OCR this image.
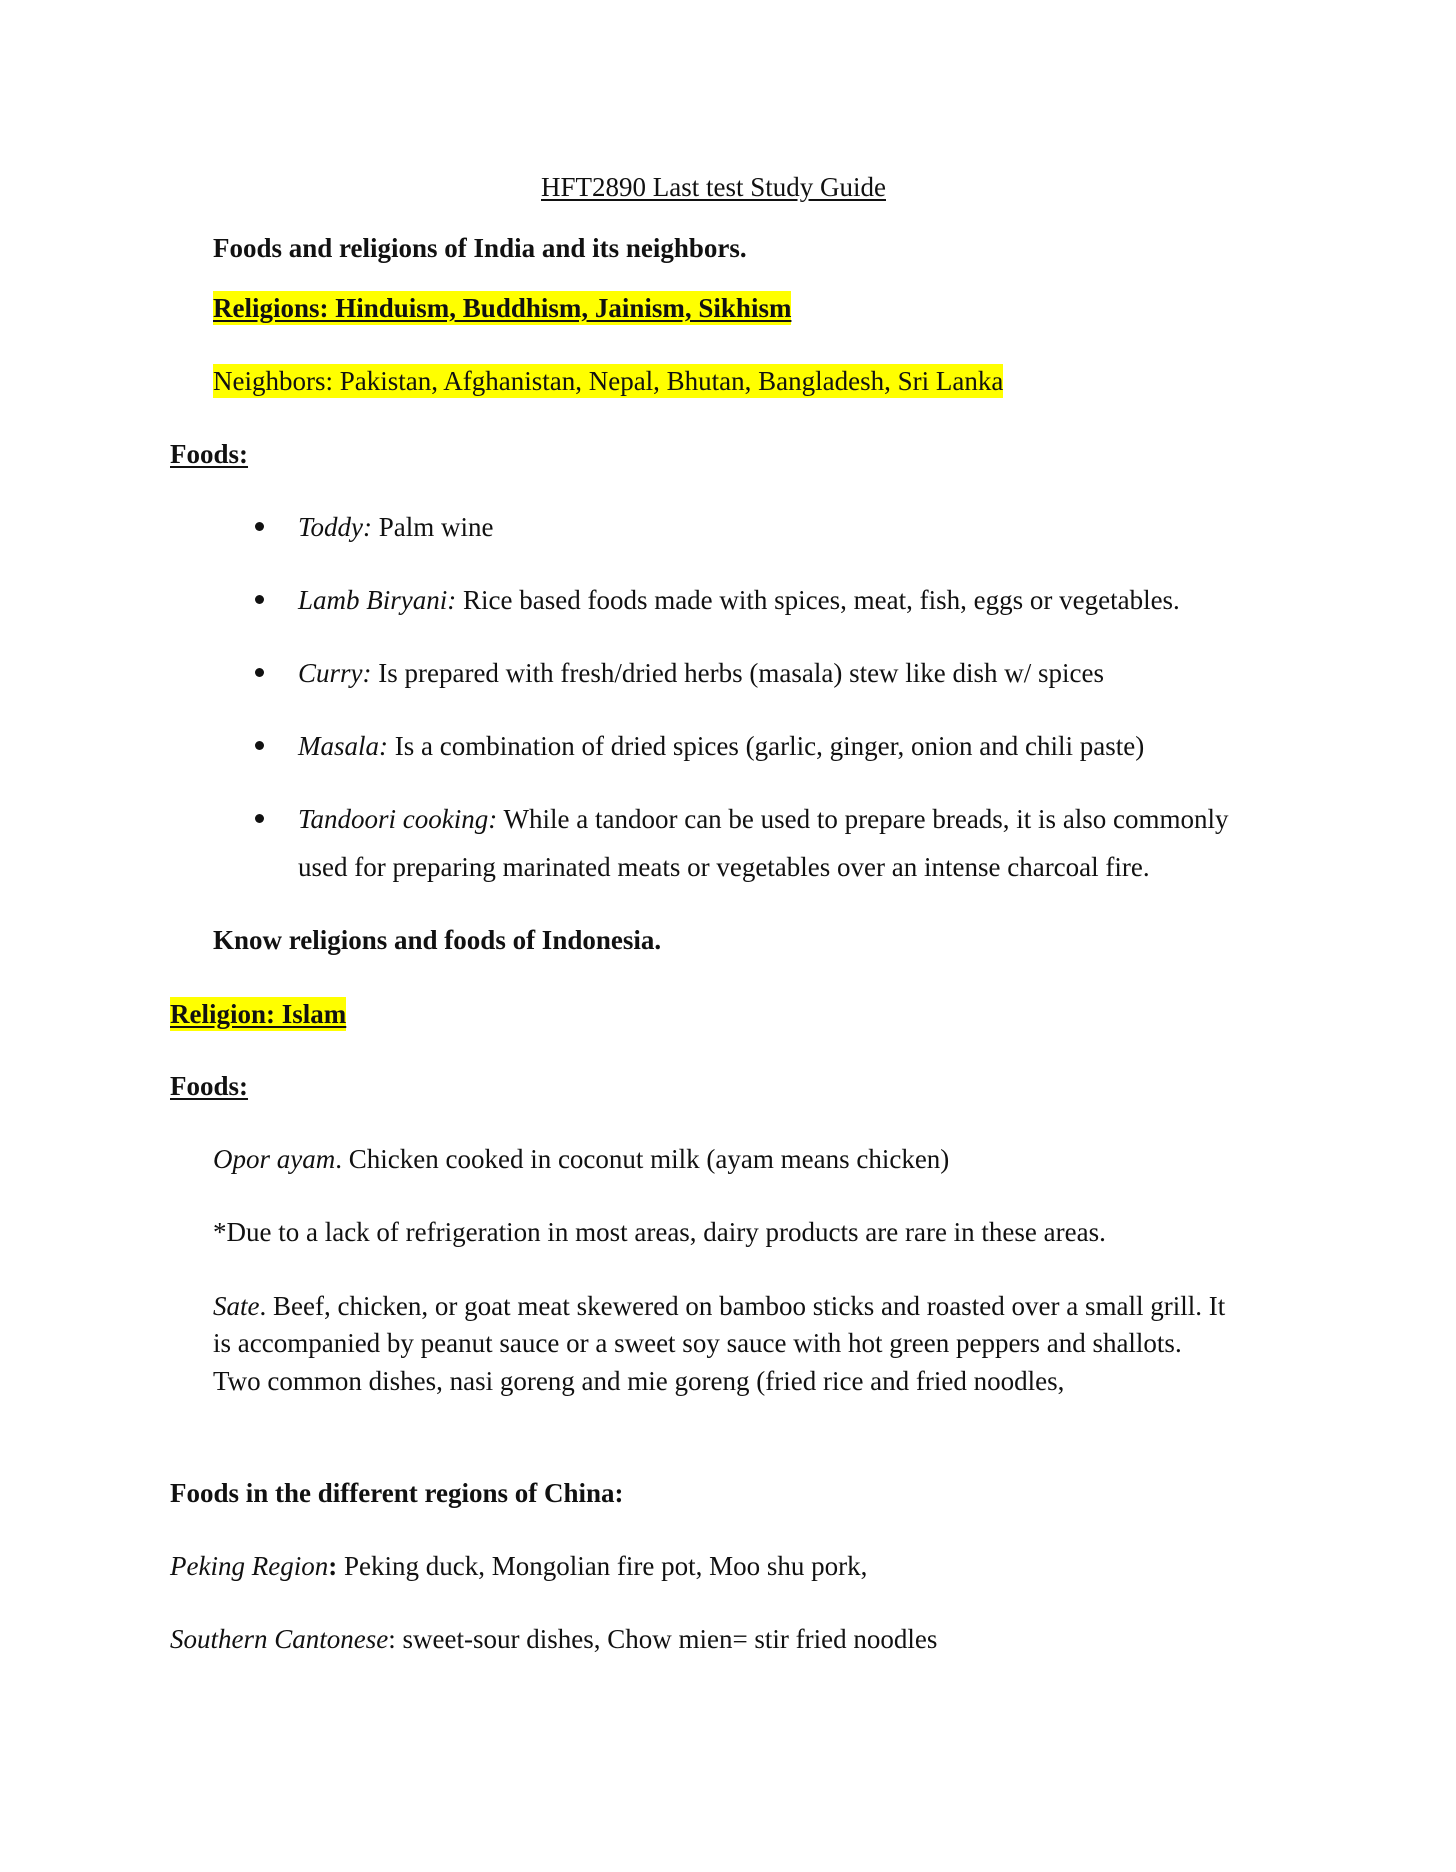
HFT2890 Last test Study Guide

Foods and religions of India and its neighbors.

Religions: Hinduism, Buddhism, Jainism, Sikhism

Neighbors: Pakistan, Afghanistan, Nepal, Bhutan, Bangladesh, Sri Lanka

Foods:

Toddy: Palm wine

Lamb Biryani: Rice based foods made with spices, meat, fish, eggs or vegetables.

Curry: Is prepared with fresh/dried herbs (masala) stew like dish w/ spices

Masala: Is a combination of dried spices (garlic, ginger, onion and chili paste)

Tandoori cooking: While a tandoor can be used to prepare breads, it is also commonly

used for preparing marinated meats or vegetables over an intense charcoal fire.

Know religions and foods of Indonesia.

Religion: Islam

Foods:

Opor ayam. Chicken cooked in coconut milk (ayam means chicken)

*Due to a lack of refrigeration in most areas, dairy products are rare in these areas.

Sate. Beef, chicken, or goat meat skewered on bamboo sticks and roasted over a small grill. It

is accompanied by peanut sauce or a sweet soy sauce with hot green peppers and shallots.

Two common dishes, nasi goreng and mie goreng (fried rice and fried noodles,

Foods in the different regions of China:

Peking Region: Peking duck, Mongolian fire pot, Moo shu pork,

Southern Cantonese: sweet-sour dishes, Chow mien= stir fried noodles
